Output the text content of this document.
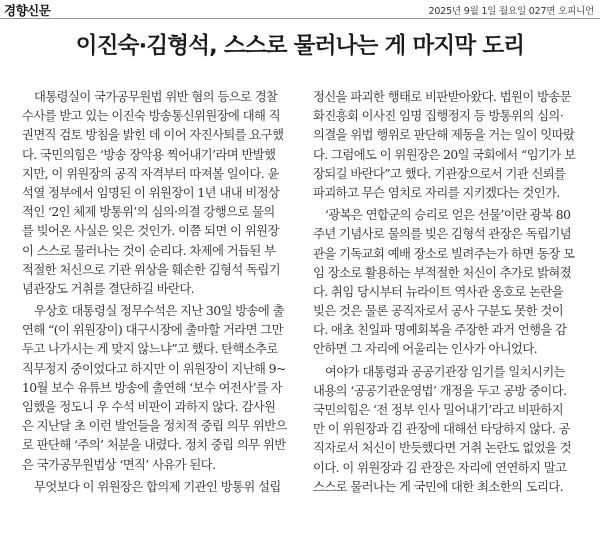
경향신문	2025년 9월 1일 월요일 027면 오피니언
이진숙·김형석, 스스로 물러나는 게 마지막 도리
대통령실이 국가공무원법 위반 혐의 등으로 경찰
수사를 받고 있는 이진숙 방송통신위원장에 대해 직
권면직 검토 방침을 밝힌 데 이어 자진사퇴를 요구했
다. 국민의힘은 ‘방송 장악용 찍어내기’라며 반발했
지만, 이 위원장의 공직 자격부터 따져볼 일이다. 윤
석열 정부에서 임명된 이 위원장이 1년 내내 비정상
적인 ‘2인 체제 방통위’의 심의·의결 강행으로 물의
를 빚어온 사실은 잊은 것인가. 이쯤 되면 이 위원장
이 스스로 물러나는 것이 순리다. 차제에 거듭된 부
적절한 처신으로 기관 위상을 훼손한 김형석 독립기
념관장도 거취를 결단하길 바란다.
우상호 대통령실 정무수석은 지난 30일 방송에 출
연해 “(이 위원장이) 대구시장에 출마할 거라면 그만
두고 나가시는 게 맞지 않느냐”고 했다. 탄핵소추로
직무정지 중이었다고 하지만 이 위원장이 지난해 9~
10월 보수 유튜브 방송에 출연해 ‘보수 여전사’를 자
임했을 정도니 우 수석 비판이 과하지 않다. 감사원
은 지난달 초 이런 발언들을 정치적 중립 의무 위반으
로 판단해 ‘주의’ 처분을 내렸다. 정치 중립 의무 위반
은 국가공무원법상 ‘면직’ 사유가 된다.
무엇보다 이 위원장은 합의제 기관인 방통위 설립
정신을 파괴한 행태로 비판받아왔다. 법원이 방송문
화진흥회 이사진 임명 집행정지 등 방통위의 심의·
의결을 위법 행위로 판단해 제동을 거는 일이 잇따랐
다. 그럼에도 이 위원장은 20일 국회에서 “임기가 보
장되길 바란다”고 했다. 기관장으로서 기관 신뢰를
파괴하고 무슨 염치로 자리를 지키겠다는 것인가.
‘광복은 연합군의 승리로 얻은 선물’이란 광복 80
주년 기념사로 물의를 빚은 김형석 관장은 독립기념
관을 기독교회 예배 장소로 빌려주는가 하면 동장 모
임 장소로 활용하는 부적절한 처신이 추가로 밝혀졌
다. 취임 당시부터 뉴라이트 역사관 옹호로 논란을
빚은 것은 물론 공직자로서 공사 구분도 못한 것이
다. 애초 친일파 명예회복을 주장한 과거 언행을 감
안하면 그 자리에 어울리는 인사가 아니었다.
여야가 대통령과 공공기관장 임기를 일치시키는
내용의 ‘공공기관운영법’ 개정을 두고 공방 중이다.
국민의힘은 ‘전 정부 인사 밀어내기’라고 비판하지
만 이 위원장과 김 관장에 대해선 타당하지 않다. 공
직자로서 처신이 반듯했다면 거취 논란도 없었을 것
이다. 이 위원장과 김 관장은 자리에 연연하지 말고
스스로 물러나는 게 국민에 대한 최소한의 도리다.
